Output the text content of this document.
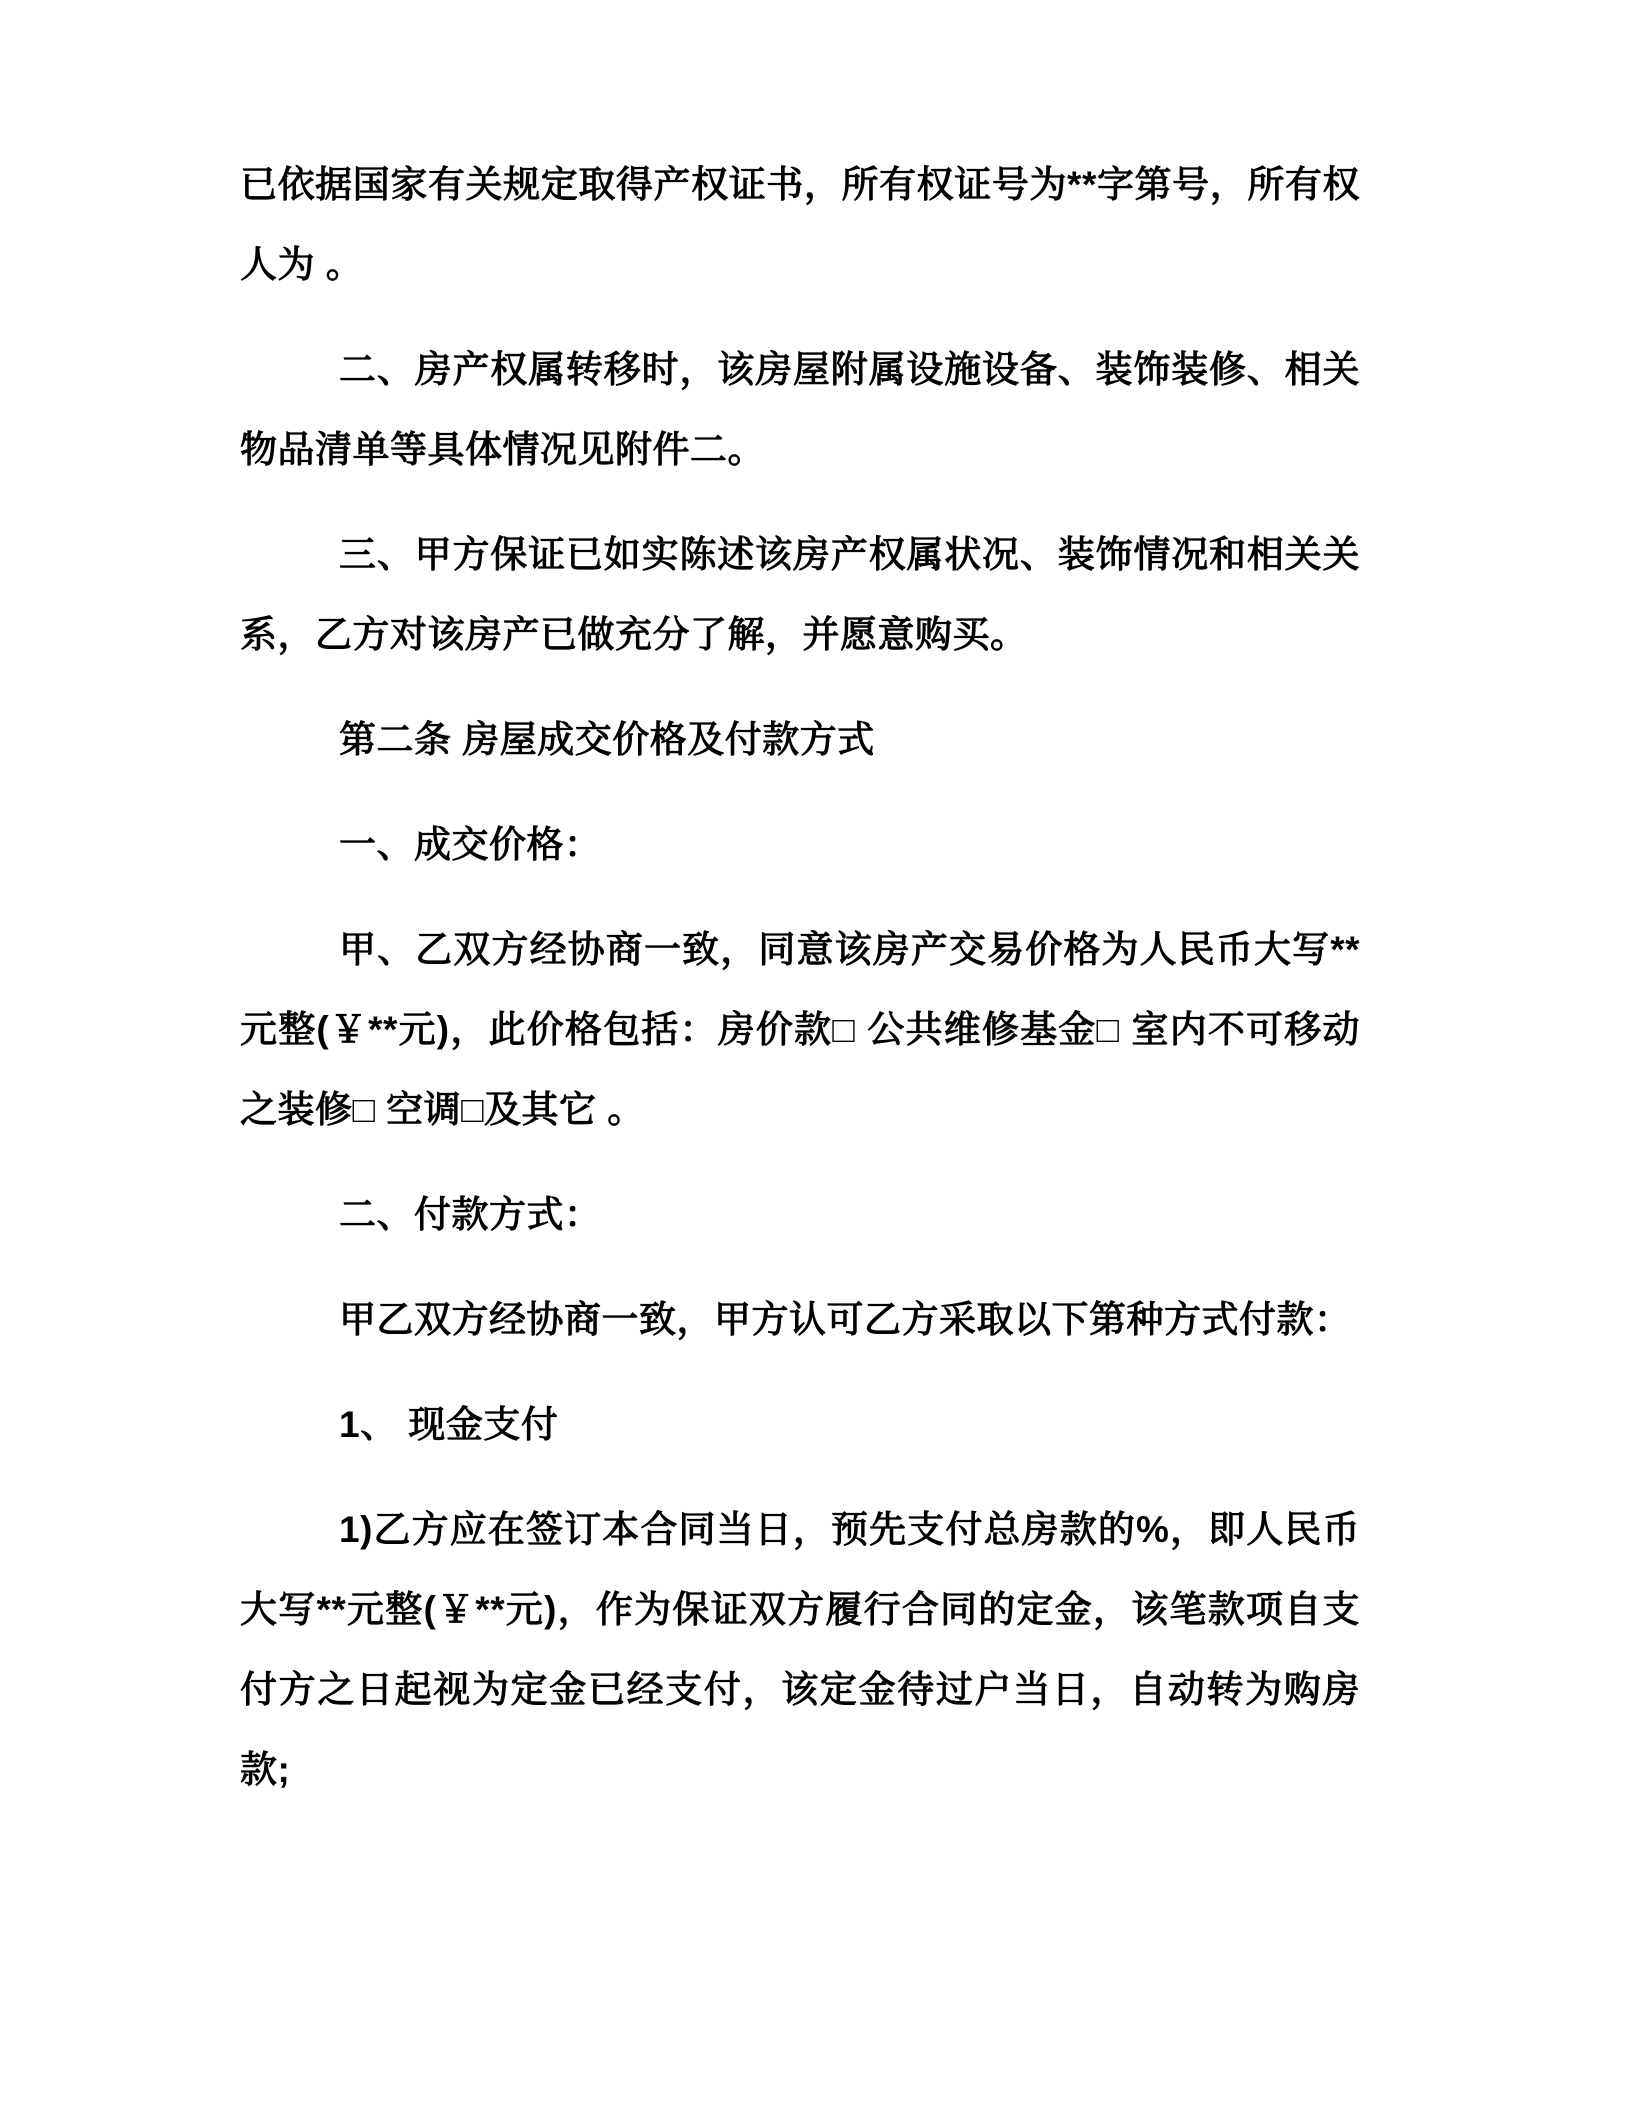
已依据国家有关规定取得产权证书，所有权证号为**字第号，所有权人为 。

二、房产权属转移时，该房屋附属设施设备、装饰装修、相关物品清单等具体情况见附件二。

三、甲方保证已如实陈述该房产权属状况、装饰情况和相关关系，乙方对该房产已做充分了解，并愿意购买。

第二条 房屋成交价格及付款方式

一、成交价格：

甲、乙双方经协商一致，同意该房产交易价格为人民币大写**元整(￥**元)，此价格包括：房价款□ 公共维修基金□ 室内不可移动之装修□ 空调□及其它 。

二、付款方式：

甲乙双方经协商一致，甲方认可乙方采取以下第种方式付款：

1、 现金支付

1)乙方应在签订本合同当日，预先支付总房款的%，即人民币大写**元整(￥**元)，作为保证双方履行合同的定金，该笔款项自支付方之日起视为定金已经支付，该定金待过户当日，自动转为购房款;
